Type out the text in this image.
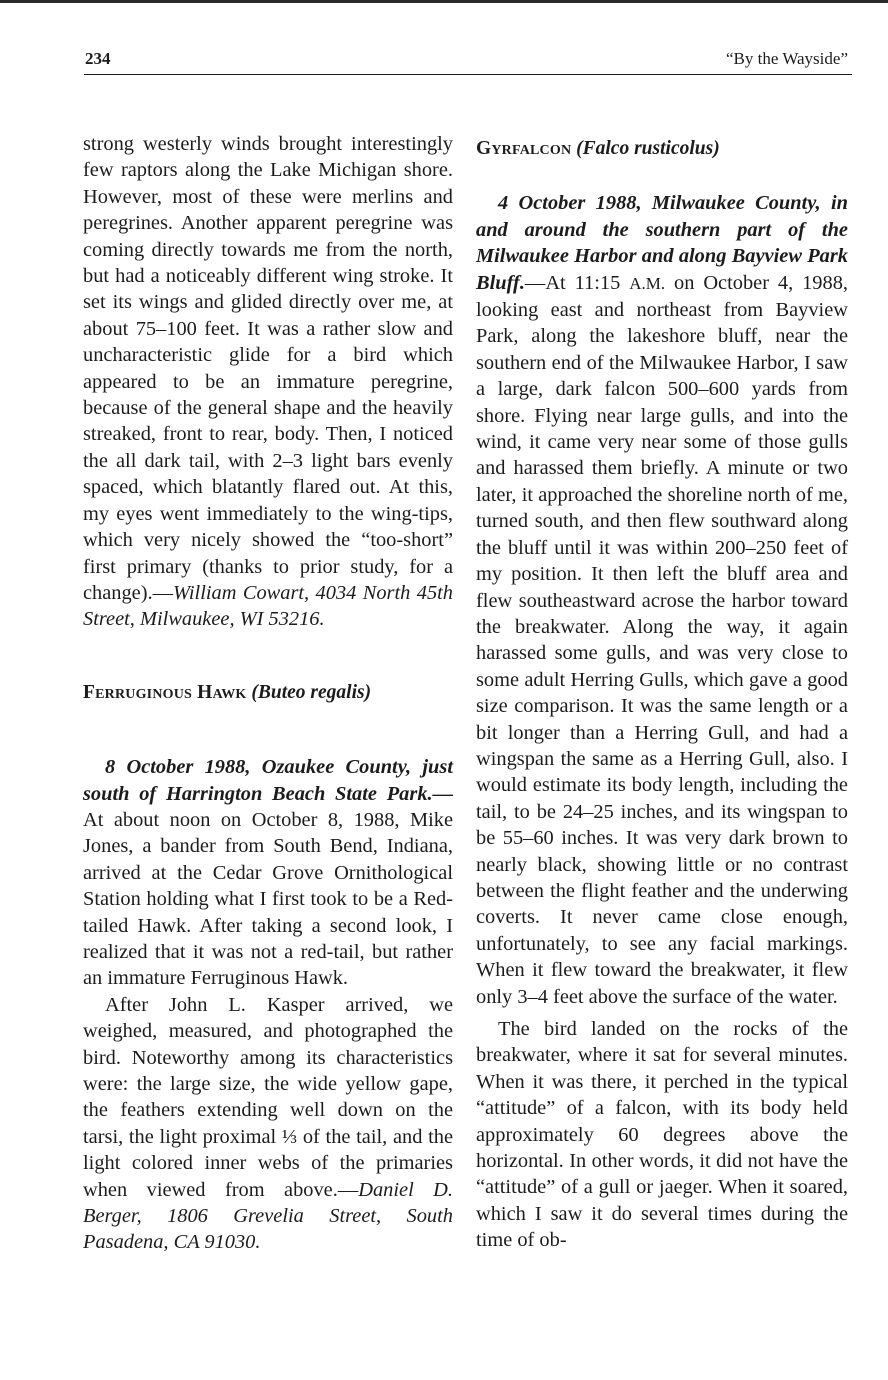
234	“By the Wayside”

strong westerly winds brought interestingly few raptors along the Lake Michigan shore. However, most of these were merlins and peregrines. Another apparent peregrine was coming directly towards me from the north, but had a noticeably different wing stroke. It set its wings and glided directly over me, at about 75–100 feet. It was a rather slow and uncharacteristic glide for a bird which appeared to be an immature peregrine, because of the general shape and the heavily streaked, front to rear, body. Then, I noticed the all dark tail, with 2–3 light bars evenly spaced, which blatantly flared out. At this, my eyes went immediately to the wing-tips, which very nicely showed the “too-short” first primary (thanks to prior study, for a change).—William Cowart, 4034 North 45th Street, Milwaukee, WI 53216.

Ferruginous Hawk (Buteo regalis)

8 October 1988, Ozaukee County, just south of Harrington Beach State Park.— At about noon on October 8, 1988, Mike Jones, a bander from South Bend, Indiana, arrived at the Cedar Grove Ornithological Station holding what I first took to be a Red-tailed Hawk. After taking a second look, I realized that it was not a red-tail, but rather an immature Ferruginous Hawk.

After John L. Kasper arrived, we weighed, measured, and photographed the bird. Noteworthy among its characteristics were: the large size, the wide yellow gape, the feathers extending well down on the tarsi, the light proximal ⅓ of the tail, and the light colored inner webs of the primaries when viewed from above.—Daniel D. Berger, 1806 Grevelia Street, South Pasadena, CA 91030.

Gyrfalcon (Falco rusticolus)

4 October 1988, Milwaukee County, in and around the southern part of the Milwaukee Harbor and along Bayview Park Bluff.—At 11:15 A.M. on October 4, 1988, looking east and northeast from Bayview Park, along the lakeshore bluff, near the southern end of the Milwaukee Harbor, I saw a large, dark falcon 500–600 yards from shore. Flying near large gulls, and into the wind, it came very near some of those gulls and harassed them briefly. A minute or two later, it approached the shoreline north of me, turned south, and then flew southward along the bluff until it was within 200–250 feet of my position. It then left the bluff area and flew southeastward acrose the harbor toward the breakwater. Along the way, it again harassed some gulls, and was very close to some adult Herring Gulls, which gave a good size comparison. It was the same length or a bit longer than a Herring Gull, and had a wingspan the same as a Herring Gull, also. I would estimate its body length, including the tail, to be 24–25 inches, and its wingspan to be 55–60 inches. It was very dark brown to nearly black, showing little or no contrast between the flight feather and the underwing coverts. It never came close enough, unfortunately, to see any facial markings. When it flew toward the breakwater, it flew only 3–4 feet above the surface of the water.

The bird landed on the rocks of the breakwater, where it sat for several minutes. When it was there, it perched in the typical “attitude” of a falcon, with its body held approximately 60 degrees above the horizontal. In other words, it did not have the “attitude” of a gull or jaeger. When it soared, which I saw it do several times during the time of ob-
